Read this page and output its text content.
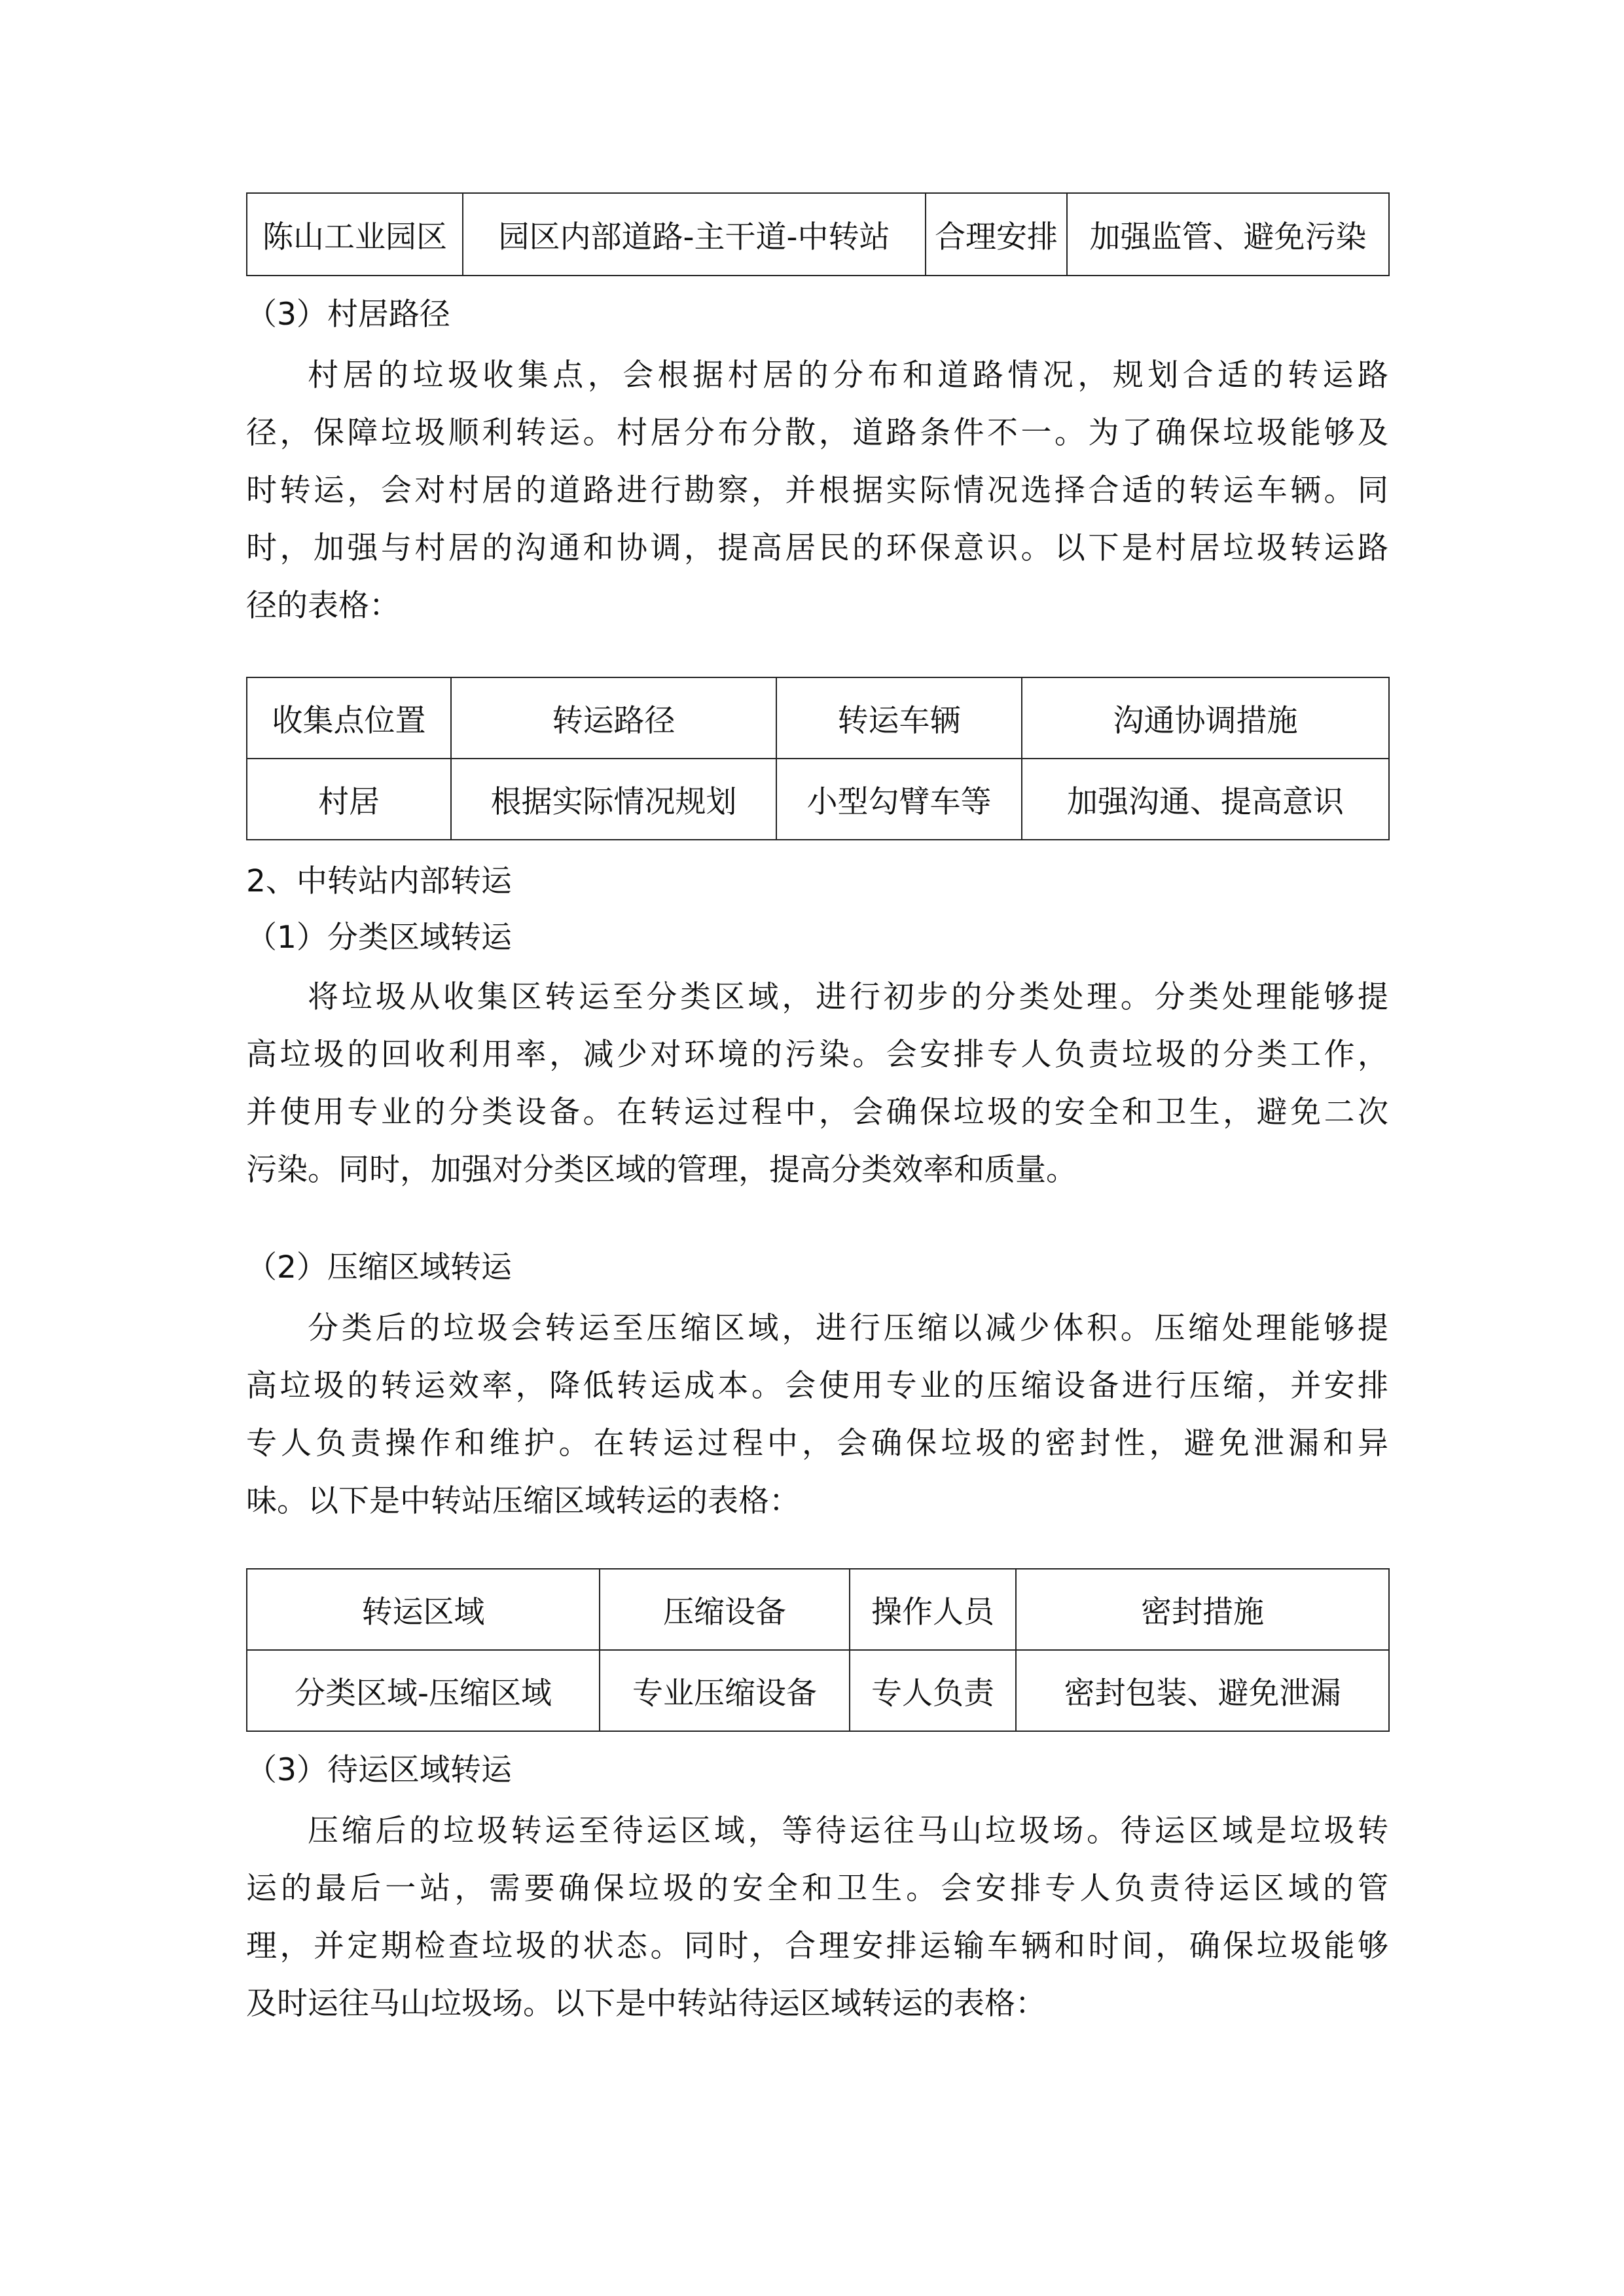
陈山工业园区	园区内部道路-主干道-中转站	合理安排	加强监管、避免污染
（3）村居路径
村居的垃圾收集点，会根据村居的分布和道路情况，规划合适的转运路
径，保障垃圾顺利转运。村居分布分散，道路条件不一。为了确保垃圾能够及
时转运，会对村居的道路进行勘察，并根据实际情况选择合适的转运车辆。同
时，加强与村居的沟通和协调，提高居民的环保意识。以下是村居垃圾转运路
径的表格：
收集点位置	转运路径	转运车辆	沟通协调措施
村居	根据实际情况规划	小型勾臂车等	加强沟通、提高意识
2、中转站内部转运
（1）分类区域转运
将垃圾从收集区转运至分类区域，进行初步的分类处理。分类处理能够提
高垃圾的回收利用率，减少对环境的污染。会安排专人负责垃圾的分类工作，
并使用专业的分类设备。在转运过程中，会确保垃圾的安全和卫生，避免二次
污染。同时，加强对分类区域的管理，提高分类效率和质量。
（2）压缩区域转运
分类后的垃圾会转运至压缩区域，进行压缩以减少体积。压缩处理能够提
高垃圾的转运效率，降低转运成本。会使用专业的压缩设备进行压缩，并安排
专人负责操作和维护。在转运过程中，会确保垃圾的密封性，避免泄漏和异
味。以下是中转站压缩区域转运的表格：
转运区域	压缩设备	操作人员	密封措施
分类区域-压缩区域	专业压缩设备	专人负责	密封包装、避免泄漏
（3）待运区域转运
压缩后的垃圾转运至待运区域，等待运往马山垃圾场。待运区域是垃圾转
运的最后一站，需要确保垃圾的安全和卫生。会安排专人负责待运区域的管
理，并定期检查垃圾的状态。同时，合理安排运输车辆和时间，确保垃圾能够
及时运往马山垃圾场。以下是中转站待运区域转运的表格：
